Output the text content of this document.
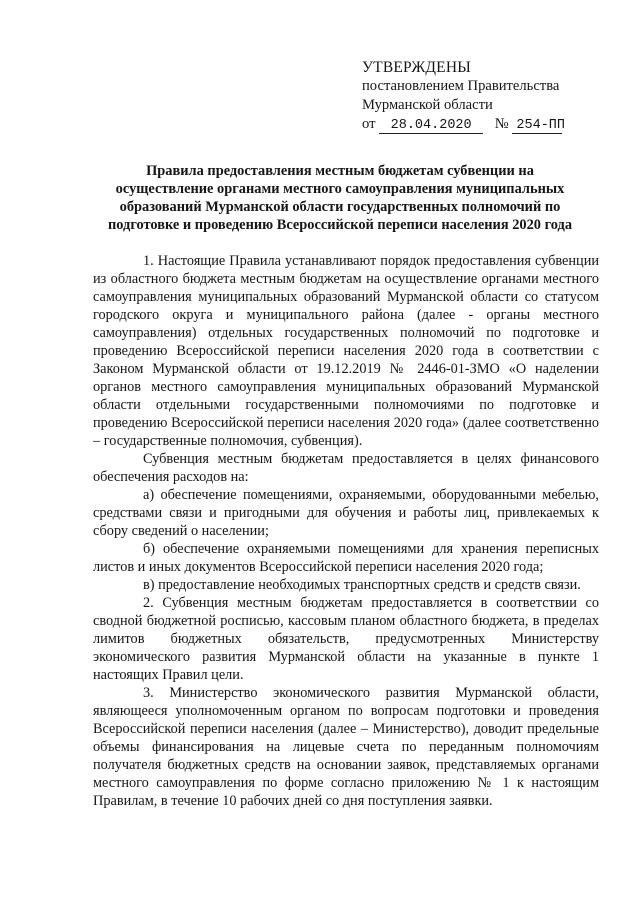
УТВЕРЖДЕНЫ
постановлением Правительства
Мурманской области
от 28.04.2020 № 254-ПП
Правила предоставления местным бюджетам субвенции на
осуществление органами местного самоуправления муниципальных
образований Мурманской области государственных полномочий по
подготовке и проведению Всероссийской переписи населения 2020 года

1. Настоящие Правила устанавливают порядок предоставления субвенции из областного бюджета местным бюджетам на осуществление органами местного самоуправления муниципальных образований Мурманской области со статусом городского округа и муниципального района (далее - органы местного самоуправления) отдельных государственных полномочий по подготовке и проведению Всероссийской переписи населения 2020 года в соответствии с Законом Мурманской области от 19.12.2019 № 2446-01-ЗМО «О наделении органов местного самоуправления муниципальных образований Мурманской области отдельными государственными полномочиями по подготовке и проведению Всероссийской переписи населения 2020 года» (далее соответственно – государственные полномочия, субвенция).

Субвенция местным бюджетам предоставляется в целях финансового обеспечения расходов на:

а) обеспечение помещениями, охраняемыми, оборудованными мебелью, средствами связи и пригодными для обучения и работы лиц, привлекаемых к сбору сведений о населении;

б) обеспечение охраняемыми помещениями для хранения переписных листов и иных документов Всероссийской переписи населения 2020 года;

в) предоставление необходимых транспортных средств и средств связи.

2. Субвенция местным бюджетам предоставляется в соответствии со сводной бюджетной росписью, кассовым планом областного бюджета, в пределах лимитов бюджетных обязательств, предусмотренных Министерству экономического развития Мурманской области на указанные в пункте 1 настоящих Правил цели.

3. Министерство экономического развития Мурманской области, являющееся уполномоченным органом по вопросам подготовки и проведения Всероссийской переписи населения (далее – Министерство), доводит предельные объемы финансирования на лицевые счета по переданным полномочиям получателя бюджетных средств на основании заявок, представляемых органами местного самоуправления по форме согласно приложению № 1 к настоящим Правилам, в течение 10 рабочих дней со дня поступления заявки.
